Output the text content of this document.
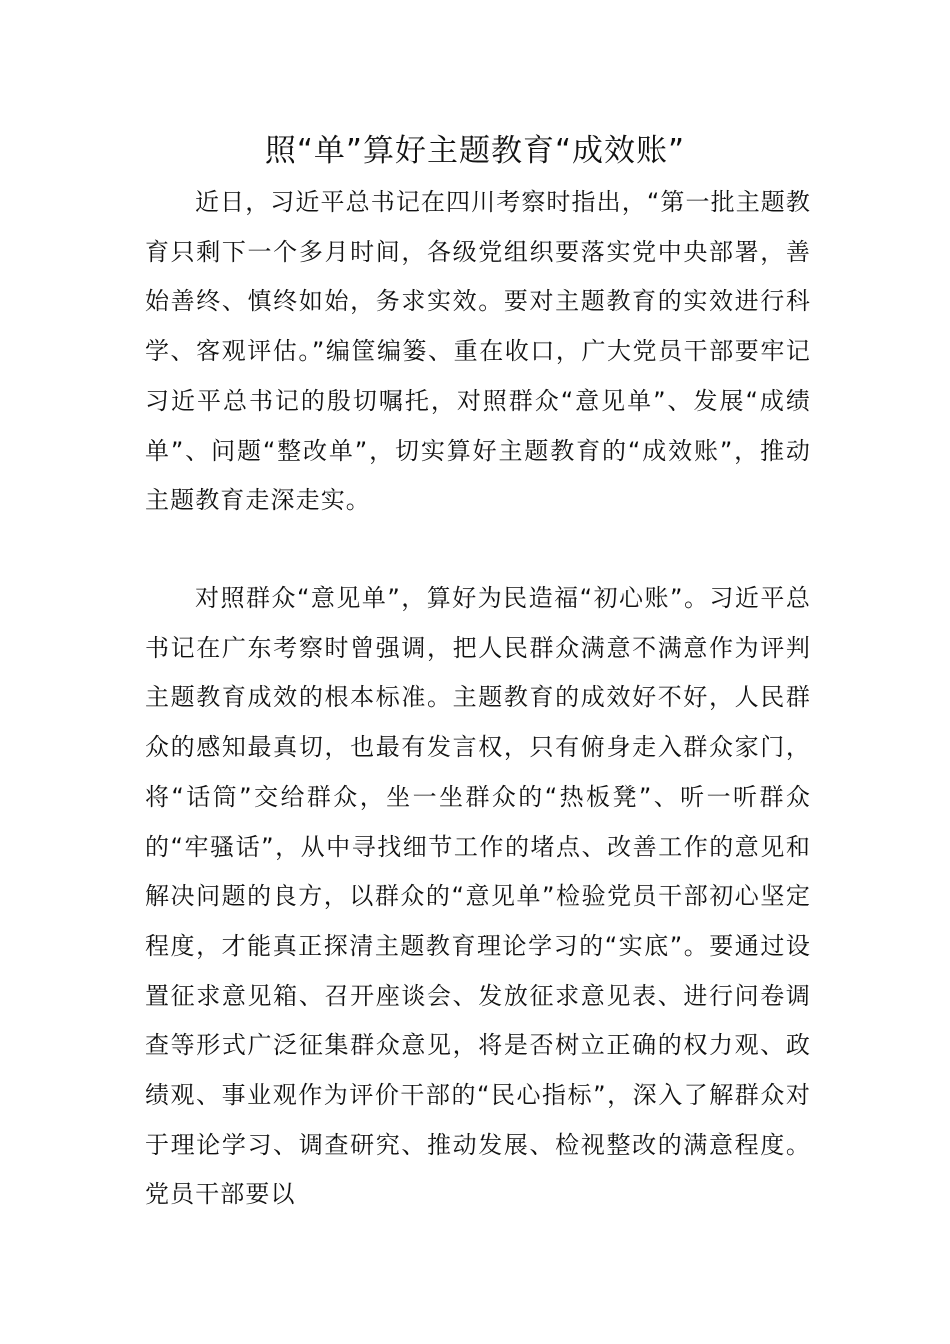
照“单”算好主题教育“成效账”

近日，习近平总书记在四川考察时指出，“第一批主题教育只剩下一个多月时间，各级党组织要落实党中央部署，善始善终、慎终如始，务求实效。要对主题教育的实效进行科学、客观评估。”编筐编篓、重在收口，广大党员干部要牢记习近平总书记的殷切嘱托，对照群众“意见单”、发展“成绩单”、问题“整改单”，切实算好主题教育的“成效账”，推动主题教育走深走实。

对照群众“意见单”，算好为民造福“初心账”。习近平总书记在广东考察时曾强调，把人民群众满意不满意作为评判主题教育成效的根本标准。主题教育的成效好不好，人民群众的感知最真切，也最有发言权，只有俯身走入群众家门，将“话筒”交给群众，坐一坐群众的“热板凳”、听一听群众的“牢骚话”，从中寻找细节工作的堵点、改善工作的意见和解决问题的良方，以群众的“意见单”检验党员干部初心坚定程度，才能真正探清主题教育理论学习的“实底”。要通过设置征求意见箱、召开座谈会、发放征求意见表、进行问卷调查等形式广泛征集群众意见，将是否树立正确的权力观、政绩观、事业观作为评价干部的“民心指标”，深入了解群众对于理论学习、调查研究、推动发展、检视整改的满意程度。党员干部要以
